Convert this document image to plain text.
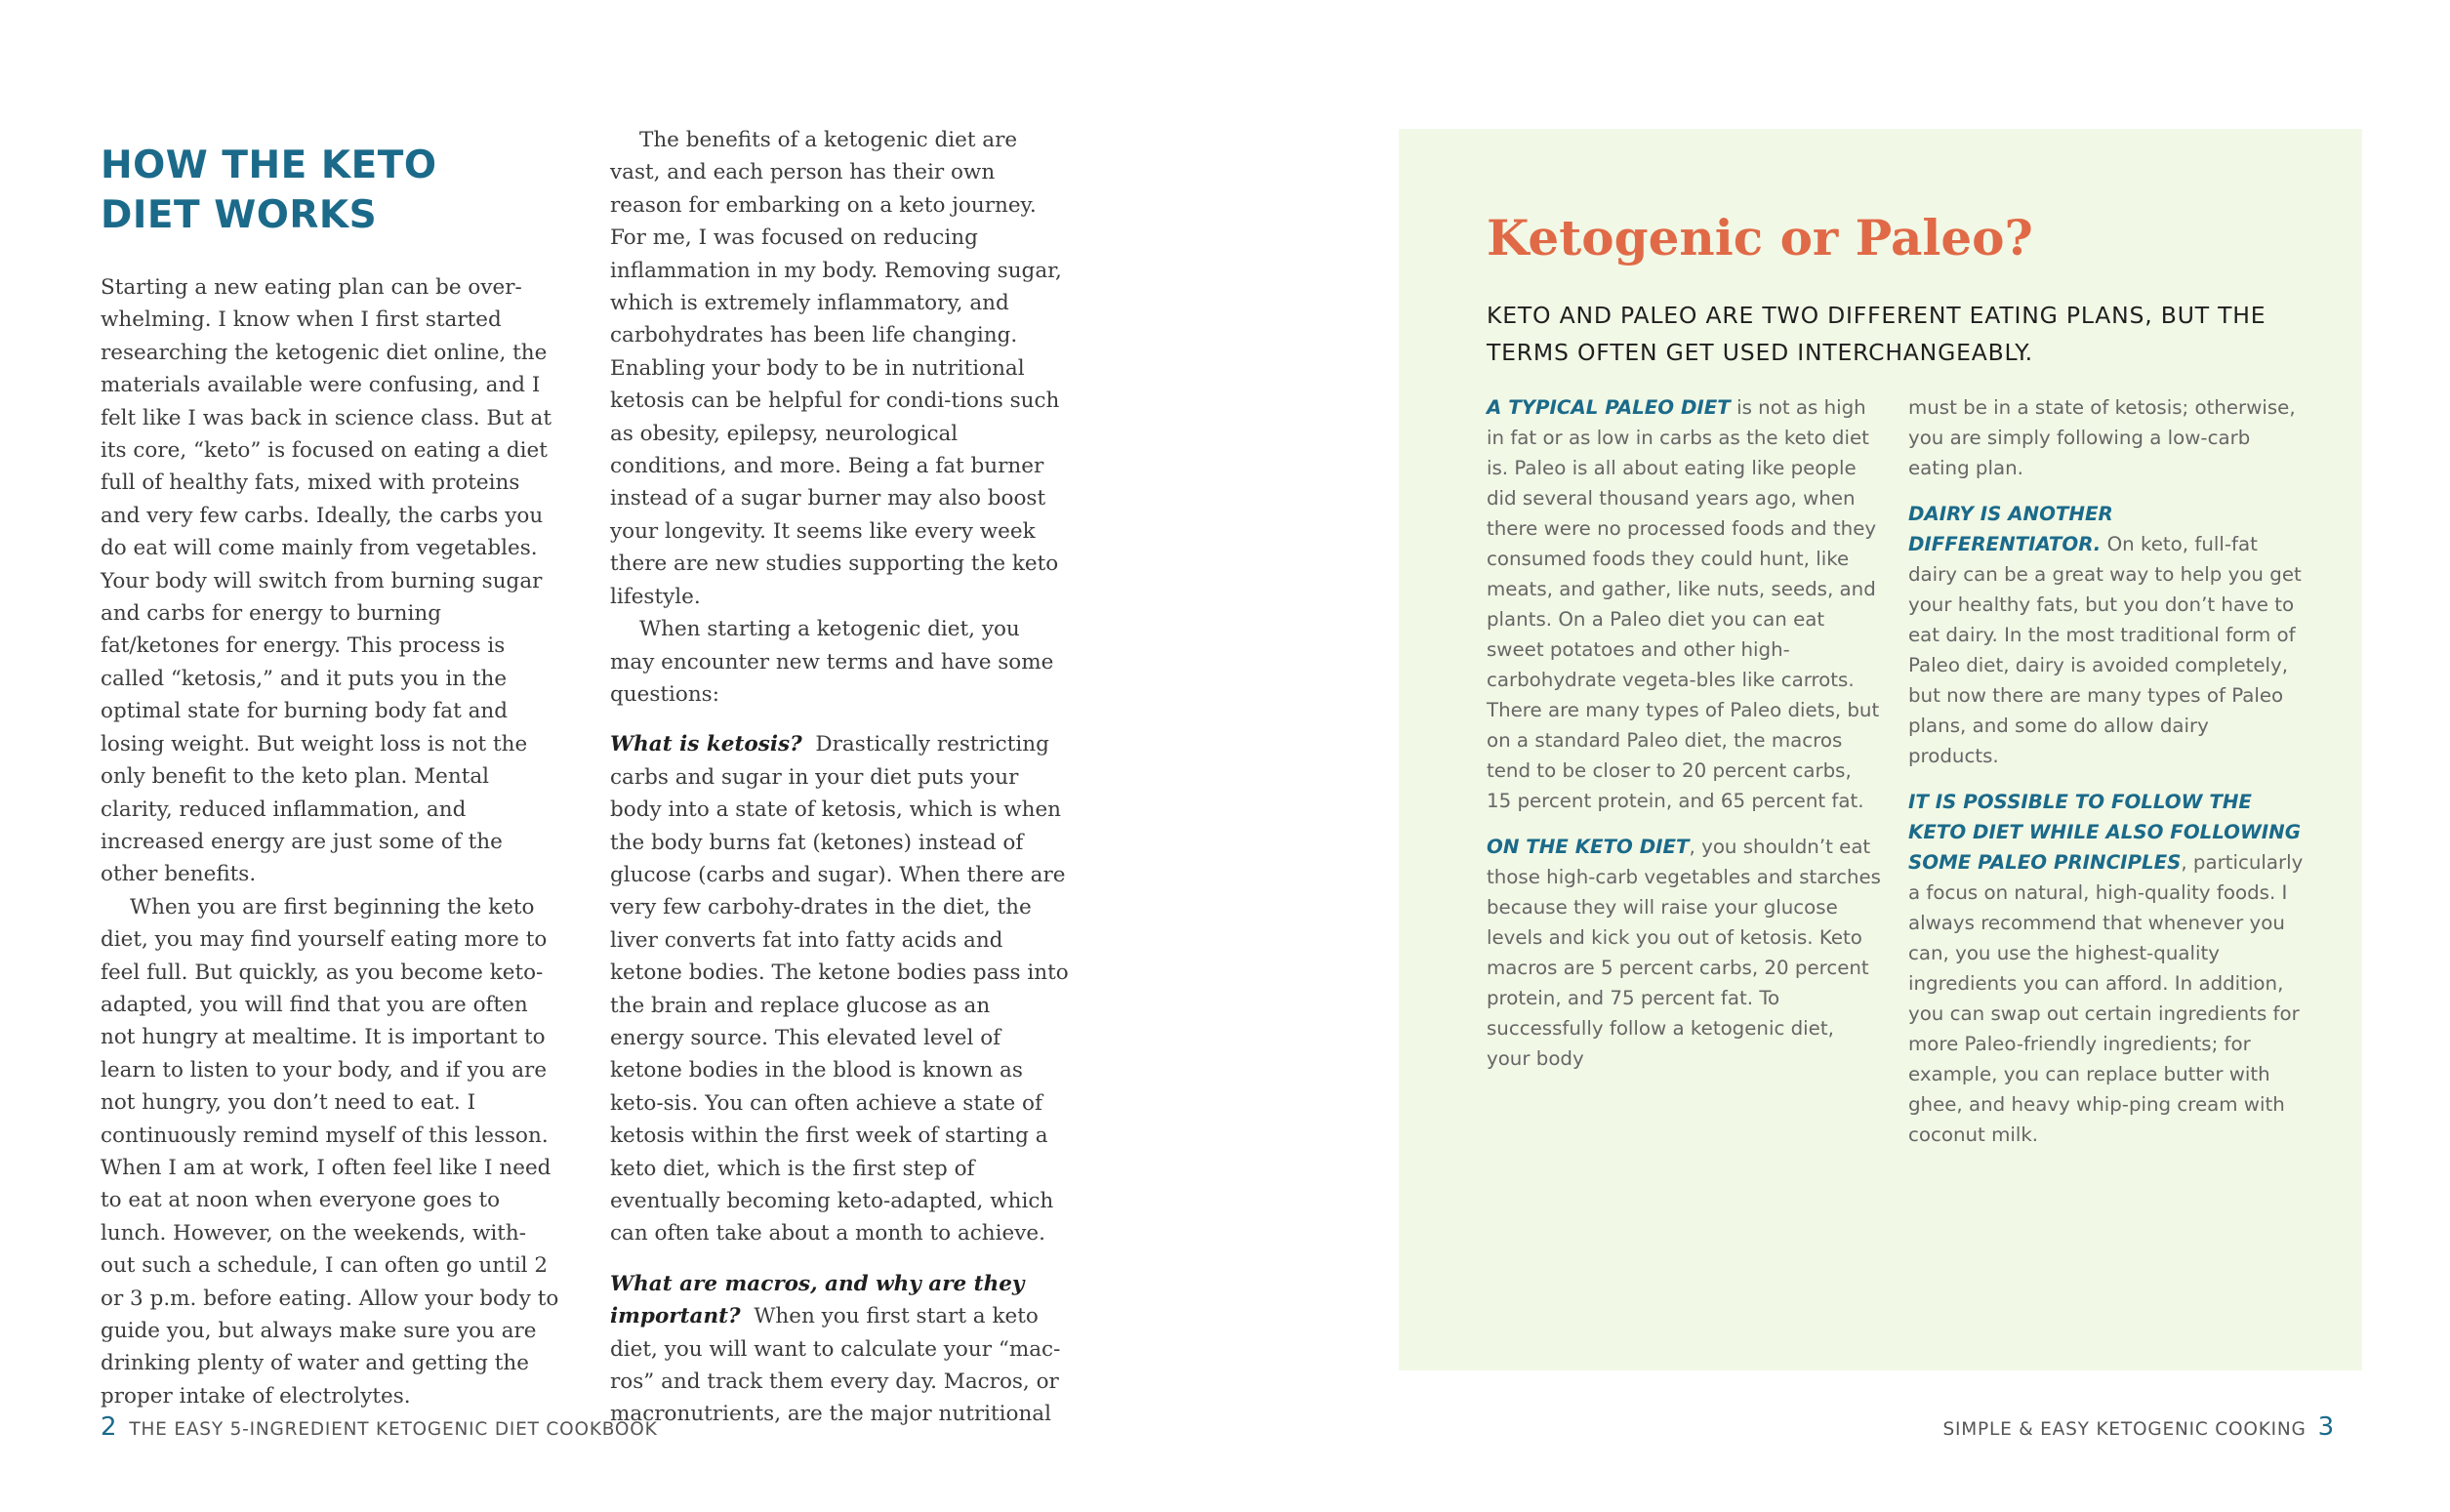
HOW THE KETO DIET WORKS

Starting a new eating plan can be over-whelming. I know when I first started researching the ketogenic diet online, the materials available were confusing, and I felt like I was back in science class. But at its core, “keto” is focused on eating a diet full of healthy fats, mixed with proteins and very few carbs. Ideally, the carbs you do eat will come mainly from vegetables. Your body will switch from burning sugar and carbs for energy to burning fat/ketones for energy. This process is called “ketosis,” and it puts you in the optimal state for burning body fat and losing weight. But weight loss is not the only benefit to the keto plan. Mental clarity, reduced inflammation, and increased energy are just some of the other benefits.

When you are first beginning the keto diet, you may find yourself eating more to feel full. But quickly, as you become keto-adapted, you will find that you are often not hungry at mealtime. It is important to learn to listen to your body, and if you are not hungry, you don’t need to eat. I continuously remind myself of this lesson. When I am at work, I often feel like I need to eat at noon when everyone goes to lunch. However, on the weekends, with-out such a schedule, I can often go until 2 or 3 p.m. before eating. Allow your body to guide you, but always make sure you are drinking plenty of water and getting the proper intake of electrolytes.

The benefits of a ketogenic diet are vast, and each person has their own reason for embarking on a keto journey. For me, I was focused on reducing inflammation in my body. Removing sugar, which is extremely inflammatory, and carbohydrates has been life changing. Enabling your body to be in nutritional ketosis can be helpful for condi-tions such as obesity, epilepsy, neurological conditions, and more. Being a fat burner instead of a sugar burner may also boost your longevity. It seems like every week there are new studies supporting the keto lifestyle.

When starting a ketogenic diet, you may encounter new terms and have some questions:

What is ketosis? Drastically restricting carbs and sugar in your diet puts your body into a state of ketosis, which is when the body burns fat (ketones) instead of glucose (carbs and sugar). When there are very few carbohy-drates in the diet, the liver converts fat into fatty acids and ketone bodies. The ketone bodies pass into the brain and replace glucose as an energy source. This elevated level of ketone bodies in the blood is known as keto-sis. You can often achieve a state of ketosis within the first week of starting a keto diet, which is the first step of eventually becoming keto-adapted, which can often take about a month to achieve.

What are macros, and why are they important? When you first start a keto diet, you will want to calculate your “mac-ros” and track them every day. Macros, or macronutrients, are the major nutritional

Ketogenic or Paleo?

KETO AND PALEO ARE TWO DIFFERENT EATING PLANS, BUT THE TERMS OFTEN GET USED INTERCHANGEABLY.

A TYPICAL PALEO DIET is not as high in fat or as low in carbs as the keto diet is. Paleo is all about eating like people did several thousand years ago, when there were no processed foods and they consumed foods they could hunt, like meats, and gather, like nuts, seeds, and plants. On a Paleo diet you can eat sweet potatoes and other high-carbohydrate vegeta-bles like carrots. There are many types of Paleo diets, but on a standard Paleo diet, the macros tend to be closer to 20 percent carbs, 15 percent protein, and 65 percent fat.

ON THE KETO DIET, you shouldn’t eat those high-carb vegetables and starches because they will raise your glucose levels and kick you out of ketosis. Keto macros are 5 percent carbs, 20 percent protein, and 75 percent fat. To successfully follow a ketogenic diet, your body

must be in a state of ketosis; otherwise, you are simply following a low-carb eating plan.

DAIRY IS ANOTHER DIFFERENTIATOR. On keto, full-fat dairy can be a great way to help you get your healthy fats, but you don’t have to eat dairy. In the most traditional form of Paleo diet, dairy is avoided completely, but now there are many types of Paleo plans, and some do allow dairy products.

IT IS POSSIBLE TO FOLLOW THE KETO DIET WHILE ALSO FOLLOWING SOME PALEO PRINCIPLES, particularly a focus on natural, high-quality foods. I always recommend that whenever you can, you use the highest-quality ingredients you can afford. In addition, you can swap out certain ingredients for more Paleo-friendly ingredients; for example, you can replace butter with ghee, and heavy whip-ping cream with coconut milk.

2 THE EASY 5-INGREDIENT KETOGENIC DIET COOKBOOK	SIMPLE & EASY KETOGENIC COOKING 3
